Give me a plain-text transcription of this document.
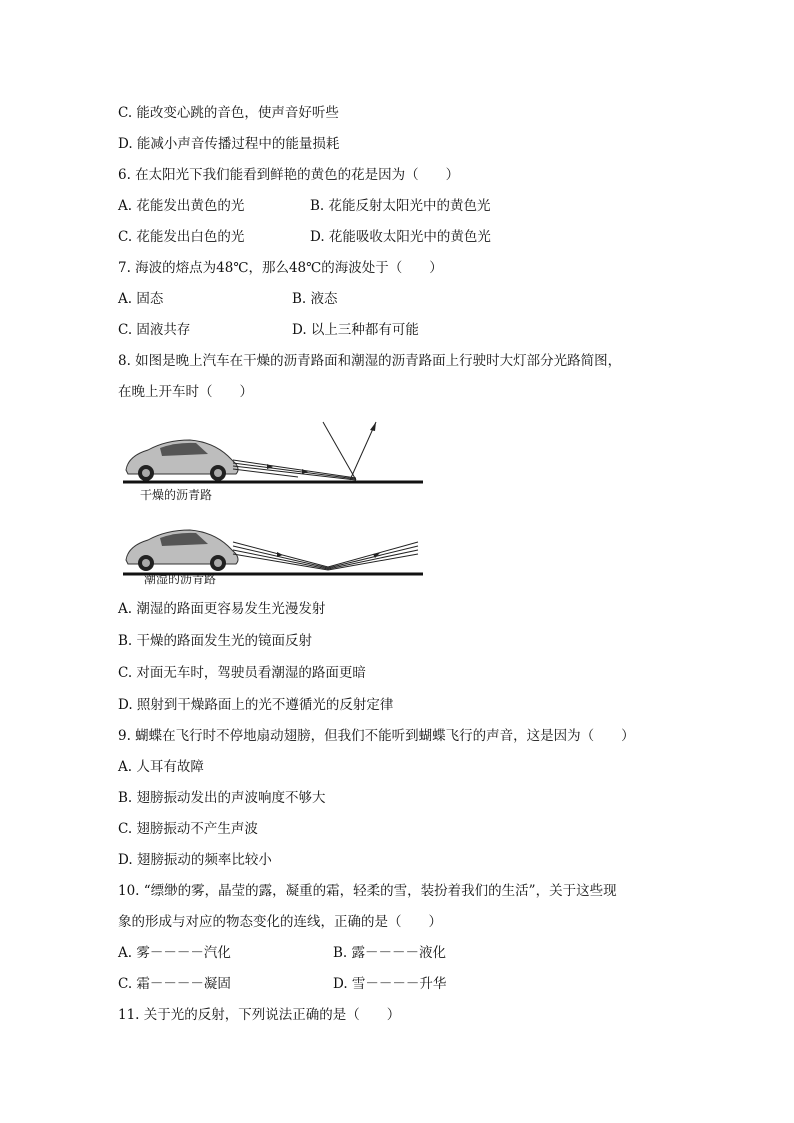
C. 能改变心跳的音色，使声音好听些
D. 能减小声音传播过程中的能量损耗
6. 在太阳光下我们能看到鲜艳的黄色的花是因为（　　）
A. 花能发出黄色的光	B. 花能反射太阳光中的黄色光
C. 花能发出白色的光	D. 花能吸收太阳光中的黄色光
7. 海波的熔点为48℃，那么48℃的海波处于（　　）
A. 固态	B. 液态
C. 固液共存	D. 以上三种都有可能
8. 如图是晚上汽车在干燥的沥青路面和潮湿的沥青路面上行驶时大灯部分光路简图，
在晚上开车时（　　）
干燥的沥青路
潮湿的沥青路
A. 潮湿的路面更容易发生光漫发射
B. 干燥的路面发生光的镜面反射
C. 对面无车时，驾驶员看潮湿的路面更暗
D. 照射到干燥路面上的光不遵循光的反射定律
9. 蝴蝶在飞行时不停地扇动翅膀，但我们不能听到蝴蝶飞行的声音，这是因为（　　）
A. 人耳有故障
B. 翅膀振动发出的声波响度不够大
C. 翅膀振动不产生声波
D. 翅膀振动的频率比较小
10. “缥缈的雾，晶莹的露，凝重的霜，轻柔的雪，装扮着我们的生活”，关于这些现
象的形成与对应的物态变化的连线，正确的是（　　）
A. 雾－－－－汽化	B. 露－－－－液化
C. 霜－－－－凝固	D. 雪－－－－升华
11. 关于光的反射，下列说法正确的是（　　）
